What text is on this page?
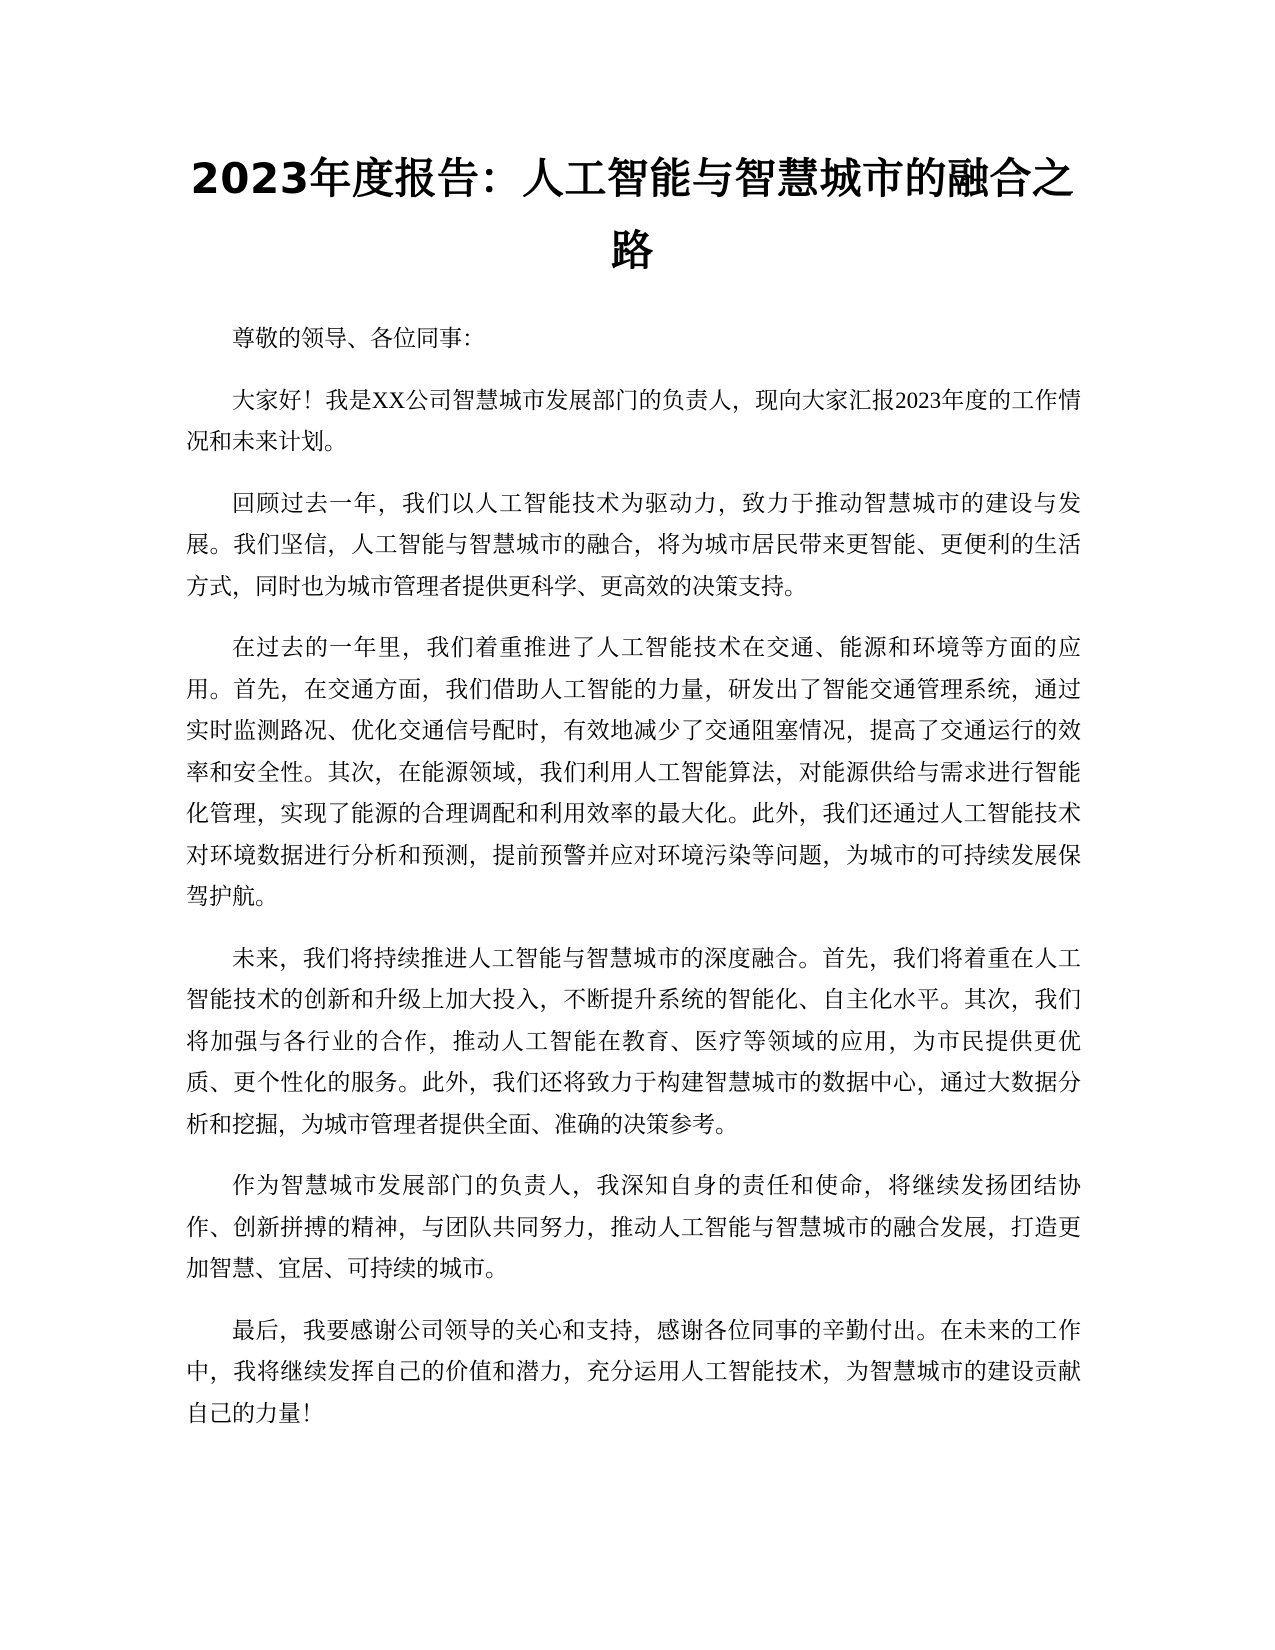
2023年度报告：人工智能与智慧城市的融合之路

尊敬的领导、各位同事：

大家好！我是XX公司智慧城市发展部门的负责人，现向大家汇报2023年度的工作情况和未来计划。

回顾过去一年，我们以人工智能技术为驱动力，致力于推动智慧城市的建设与发展。我们坚信，人工智能与智慧城市的融合，将为城市居民带来更智能、更便利的生活方式，同时也为城市管理者提供更科学、更高效的决策支持。

在过去的一年里，我们着重推进了人工智能技术在交通、能源和环境等方面的应用。首先，在交通方面，我们借助人工智能的力量，研发出了智能交通管理系统，通过实时监测路况、优化交通信号配时，有效地减少了交通阻塞情况，提高了交通运行的效率和安全性。其次，在能源领域，我们利用人工智能算法，对能源供给与需求进行智能化管理，实现了能源的合理调配和利用效率的最大化。此外，我们还通过人工智能技术对环境数据进行分析和预测，提前预警并应对环境污染等问题，为城市的可持续发展保驾护航。

未来，我们将持续推进人工智能与智慧城市的深度融合。首先，我们将着重在人工智能技术的创新和升级上加大投入，不断提升系统的智能化、自主化水平。其次，我们将加强与各行业的合作，推动人工智能在教育、医疗等领域的应用，为市民提供更优质、更个性化的服务。此外，我们还将致力于构建智慧城市的数据中心，通过大数据分析和挖掘，为城市管理者提供全面、准确的决策参考。

作为智慧城市发展部门的负责人，我深知自身的责任和使命，将继续发扬团结协作、创新拼搏的精神，与团队共同努力，推动人工智能与智慧城市的融合发展，打造更加智慧、宜居、可持续的城市。

最后，我要感谢公司领导的关心和支持，感谢各位同事的辛勤付出。在未来的工作中，我将继续发挥自己的价值和潜力，充分运用人工智能技术，为智慧城市的建设贡献自己的力量！
